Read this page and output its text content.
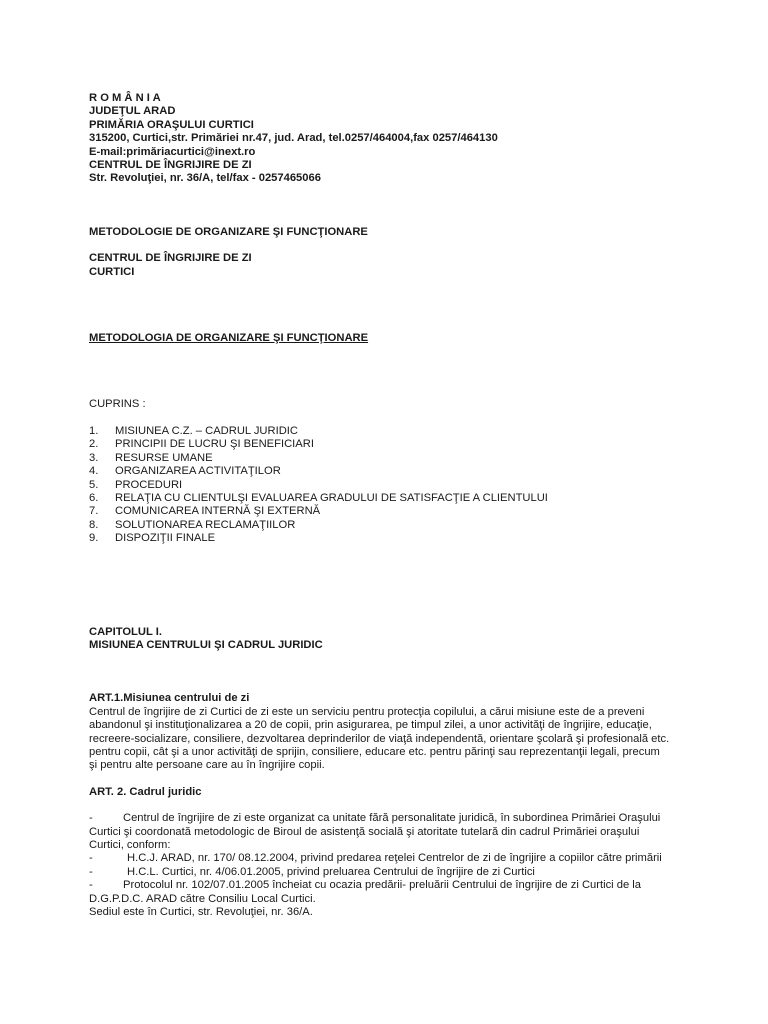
R O M Â N I A
JUDEŢUL ARAD
PRIMĂRIA ORAŞULUI CURTICI
315200, Curtici,str. Primăriei nr.47, jud. Arad, tel.0257/464004,fax 0257/464130
E-mail:primăriacurtici@inext.ro
CENTRUL DE ÎNGRIJIRE DE ZI
Str. Revoluţiei, nr. 36/A, tel/fax - 0257465066
METODOLOGIE DE ORGANIZARE ŞI FUNCŢIONARE
CENTRUL DE ÎNGRIJIRE DE ZI
CURTICI
METODOLOGIA DE ORGANIZARE ŞI FUNCŢIONARE
CUPRINS :
1.	MISIUNEA C.Z. – CADRUL JURIDIC
2.	PRINCIPII DE LUCRU ŞI BENEFICIARI
3.	RESURSE UMANE
4.	ORGANIZAREA ACTIVITAŢILOR
5.	PROCEDURI
6.	RELAŢIA CU CLIENTULŞI EVALUAREA GRADULUI DE SATISFACŢIE A CLIENTULUI
7.	COMUNICAREA INTERNĂ ŞI EXTERNĂ
8.	SOLUTIONAREA RECLAMAŢIILOR
9.	DISPOZIŢII FINALE
CAPITOLUL I.
MISIUNEA CENTRULUI ŞI CADRUL JURIDIC
ART.1.Misiunea centrului de zi
Centrul de îngrijire de zi Curtici de zi este un serviciu pentru protecţia copilului, a cărui misiune este de a preveni
abandonul şi instituţionalizarea a 20 de copii, prin asigurarea, pe timpul zilei, a unor activităţi de îngrijire, educaţie,
recreere-socializare, consiliere, dezvoltarea deprinderilor de viaţă independentă, orientare şcolară şi profesională etc.
pentru copii, cât şi a unor activităţi de sprijin, consiliere, educare etc. pentru părinţi sau reprezentanţii legali, precum
şi pentru alte persoane care au în îngrijire copii.
ART. 2. Cadrul juridic
-	Centrul de îngrijire de zi este organizat ca unitate fără personalitate juridică, în subordinea Primăriei Oraşului
Curtici şi coordonată metodologic de Biroul de asistenţă socială şi atoritate tutelară din cadrul Primăriei oraşului
Curtici, conform:
-	H.C.J. ARAD, nr. 170/ 08.12.2004, privind predarea reţelei Centrelor de zi de îngrijire a copiilor către primării
-	H.C.L. Curtici, nr. 4/06.01.2005, privind preluarea Centrului de îngrijire de zi Curtici
-	Protocolul nr. 102/07.01.2005 încheiat cu ocazia predării- preluării Centrului de îngrijire de zi Curtici de la
D.G.P.D.C. ARAD către Consiliu Local Curtici.
Sediul este în Curtici, str. Revoluţiei, nr. 36/A.
